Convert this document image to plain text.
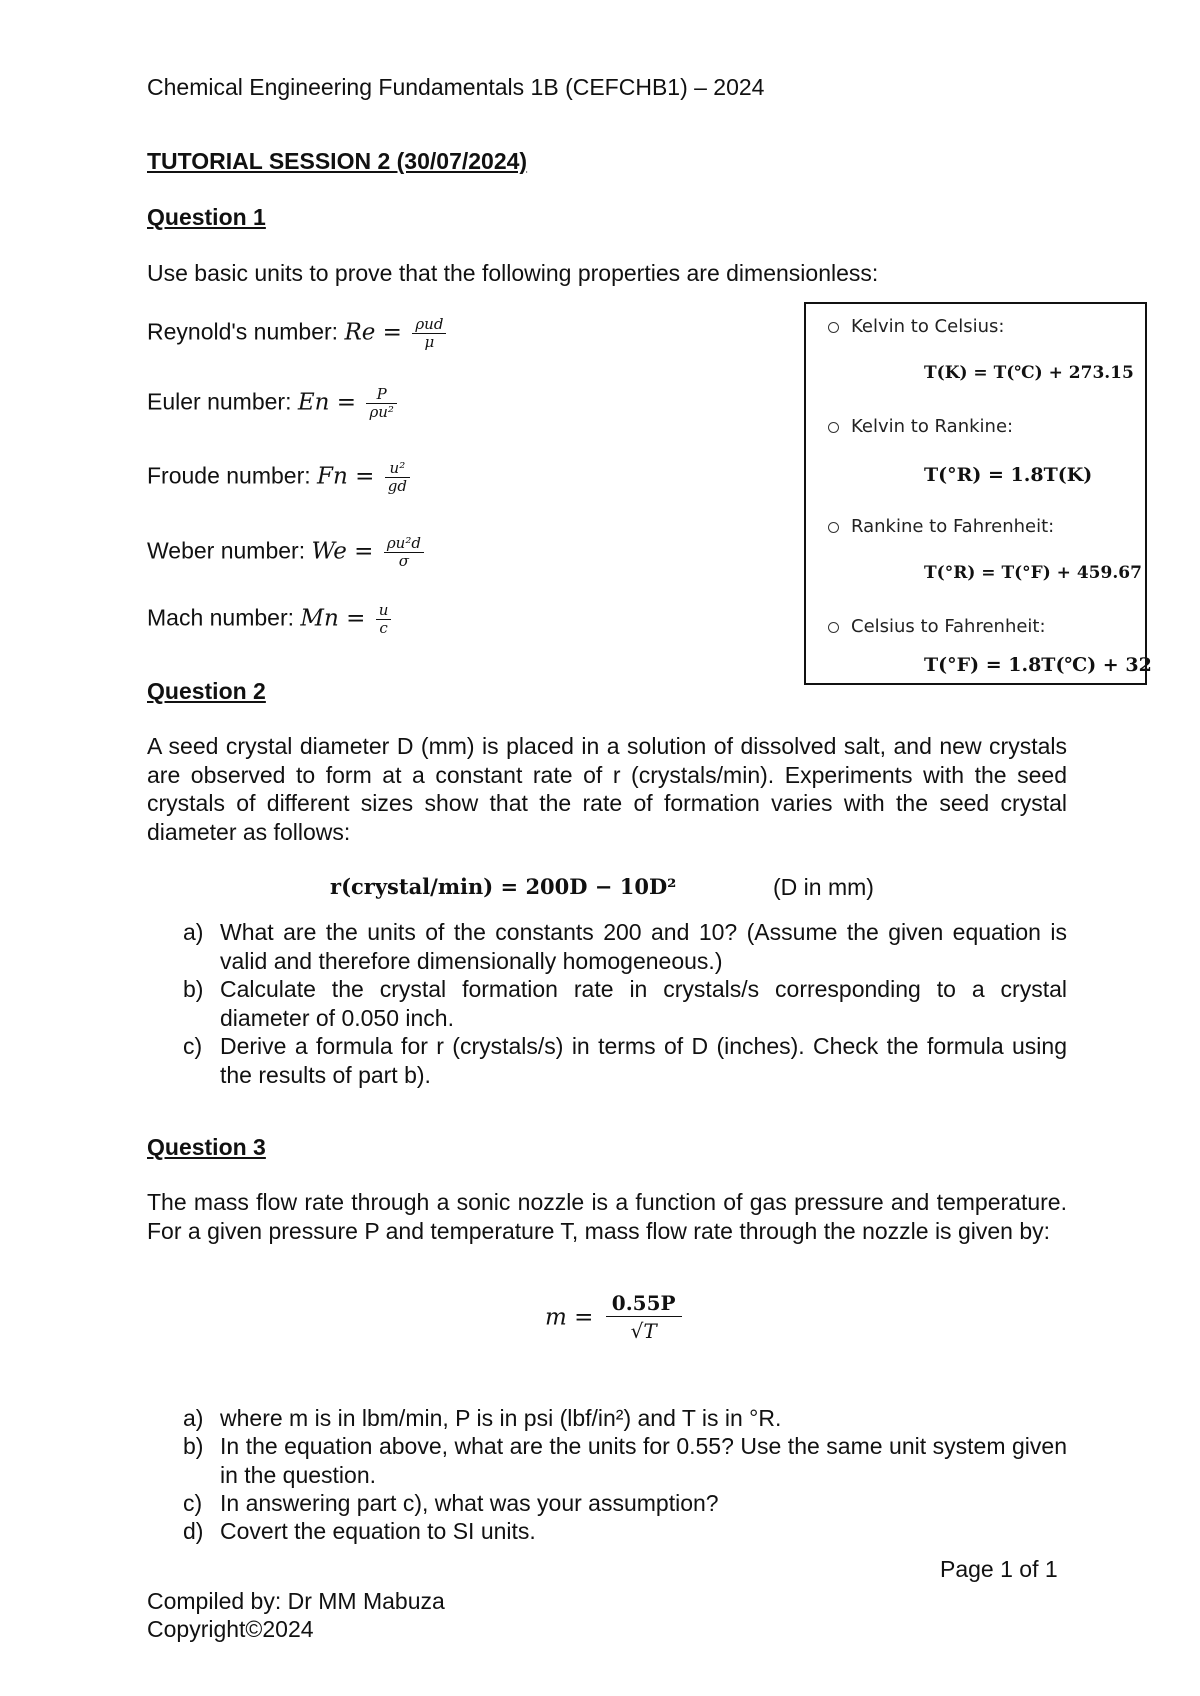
Chemical Engineering Fundamentals 1B (CEFCHB1) – 2024
TUTORIAL SESSION 2 (30/07/2024)
Question 1
Use basic units to prove that the following properties are dimensionless:
Reynold's number: $Re = \frac{\text{ρud}}{\mu}$
Euler number: $En = \frac{P}{\text{ρu²}}$
Froude number: $Fn = \frac{\text{u²}}{gd}$
Weber number: $We = \frac{\text{ρu²d}}{\sigma}$
Mach number: $Mn = \frac{u}{c}$
Kelvin to Celsius:
T(K) = T(℃) + 273.15
Kelvin to Rankine:
T(°R) = 1.8T(K)
Rankine to Fahrenheit:
T(°R) = T(°F) + 459.67
Celsius to Fahrenheit:
T(°F) = 1.8T(℃) + 32
Question 2
A seed crystal diameter D (mm) is placed in a solution of dissolved salt, and new crystals are observed to form at a constant rate of r (crystals/min). Experiments with the seed crystals of different sizes show that the rate of formation varies with the seed crystal diameter as follows:
r(crystal/min) = 200D − 10D²	(D in mm)
a) What are the units of the constants 200 and 10? (Assume the given equation is valid and therefore dimensionally homogeneous.)
b) Calculate the crystal formation rate in crystals/s corresponding to a crystal diameter of 0.050 inch.
c) Derive a formula for r (crystals/s) in terms of D (inches). Check the formula using the results of part b).
Question 3
The mass flow rate through a sonic nozzle is a function of gas pressure and temperature. For a given pressure P and temperature T, mass flow rate through the nozzle is given by:
$m = \frac{0.55P}{√T}$
a) where m is in lbm/min, P is in psi (lbf/in²) and T is in °R.
b) In the equation above, what are the units for 0.55? Use the same unit system given in the question.
c) In answering part c), what was your assumption?
d) Covert the equation to SI units.
Page 1 of 1
Compiled by: Dr MM Mabuza
Copyright©2024
